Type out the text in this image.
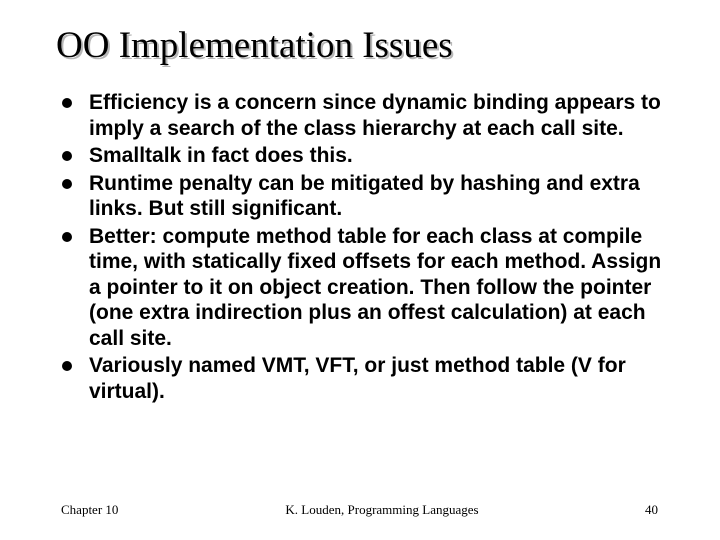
OO Implementation Issues
Efficiency is a concern since dynamic binding appears to imply a search of the class hierarchy at each call site.
Smalltalk in fact does this.
Runtime penalty can be mitigated by hashing and extra links. But still significant.
Better: compute method table for each class at compile time, with statically fixed offsets for each method. Assign a pointer to it on object creation. Then follow the pointer (one extra indirection plus an offest calculation) at each call site.
Variously named VMT, VFT, or just method table (V for virtual).
Chapter 10	K. Louden, Programming Languages	40
